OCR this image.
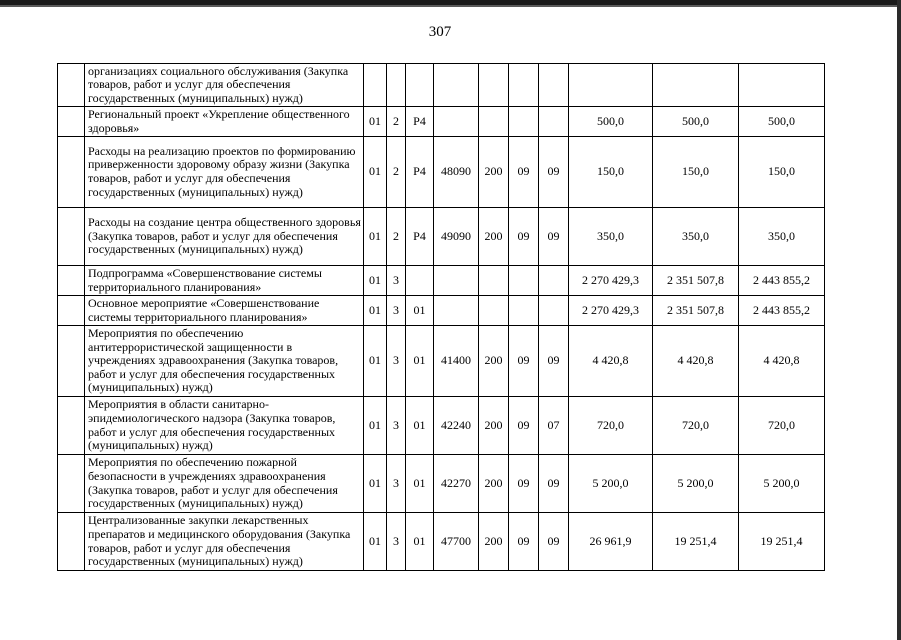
307
	организациях социального обслуживания (Закупка товаров, работ и услуг для обеспечения государственных (муниципальных) нужд)										
	Региональный проект «Укрепление общественного здоровья»	01	2	P4					500,0	500,0	500,0
	Расходы на реализацию проектов по формированию приверженности здоровому образу жизни (Закупка товаров, работ и услуг для обеспечения государственных (муниципальных) нужд)	01	2	P4	48090	200	09	09	150,0	150,0	150,0
	Расходы на создание центра общественного здоровья (Закупка товаров, работ и услуг для обеспечения государственных (муниципальных) нужд)	01	2	P4	49090	200	09	09	350,0	350,0	350,0
	Подпрограмма «Совершенствование системы территориального планирования»	01	3						2 270 429,3	2 351 507,8	2 443 855,2
	Основное мероприятие «Совершенствование системы территориального планирования»	01	3	01					2 270 429,3	2 351 507,8	2 443 855,2
	Мероприятия по обеспечению антитеррористической защищенности в учреждениях здравоохранения (Закупка товаров, работ и услуг для обеспечения государственных (муниципальных) нужд)	01	3	01	41400	200	09	09	4 420,8	4 420,8	4 420,8
	Мероприятия в области санитарно-эпидемиологического надзора (Закупка товаров, работ и услуг для обеспечения государственных (муниципальных) нужд)	01	3	01	42240	200	09	07	720,0	720,0	720,0
	Мероприятия по обеспечению пожарной безопасности в учреждениях здравоохранения (Закупка товаров, работ и услуг для обеспечения государственных (муниципальных) нужд)	01	3	01	42270	200	09	09	5 200,0	5 200,0	5 200,0
	Централизованные закупки лекарственных препаратов и медицинского оборудования (Закупка товаров, работ и услуг для обеспечения государственных (муниципальных) нужд)	01	3	01	47700	200	09	09	26 961,9	19 251,4	19 251,4
